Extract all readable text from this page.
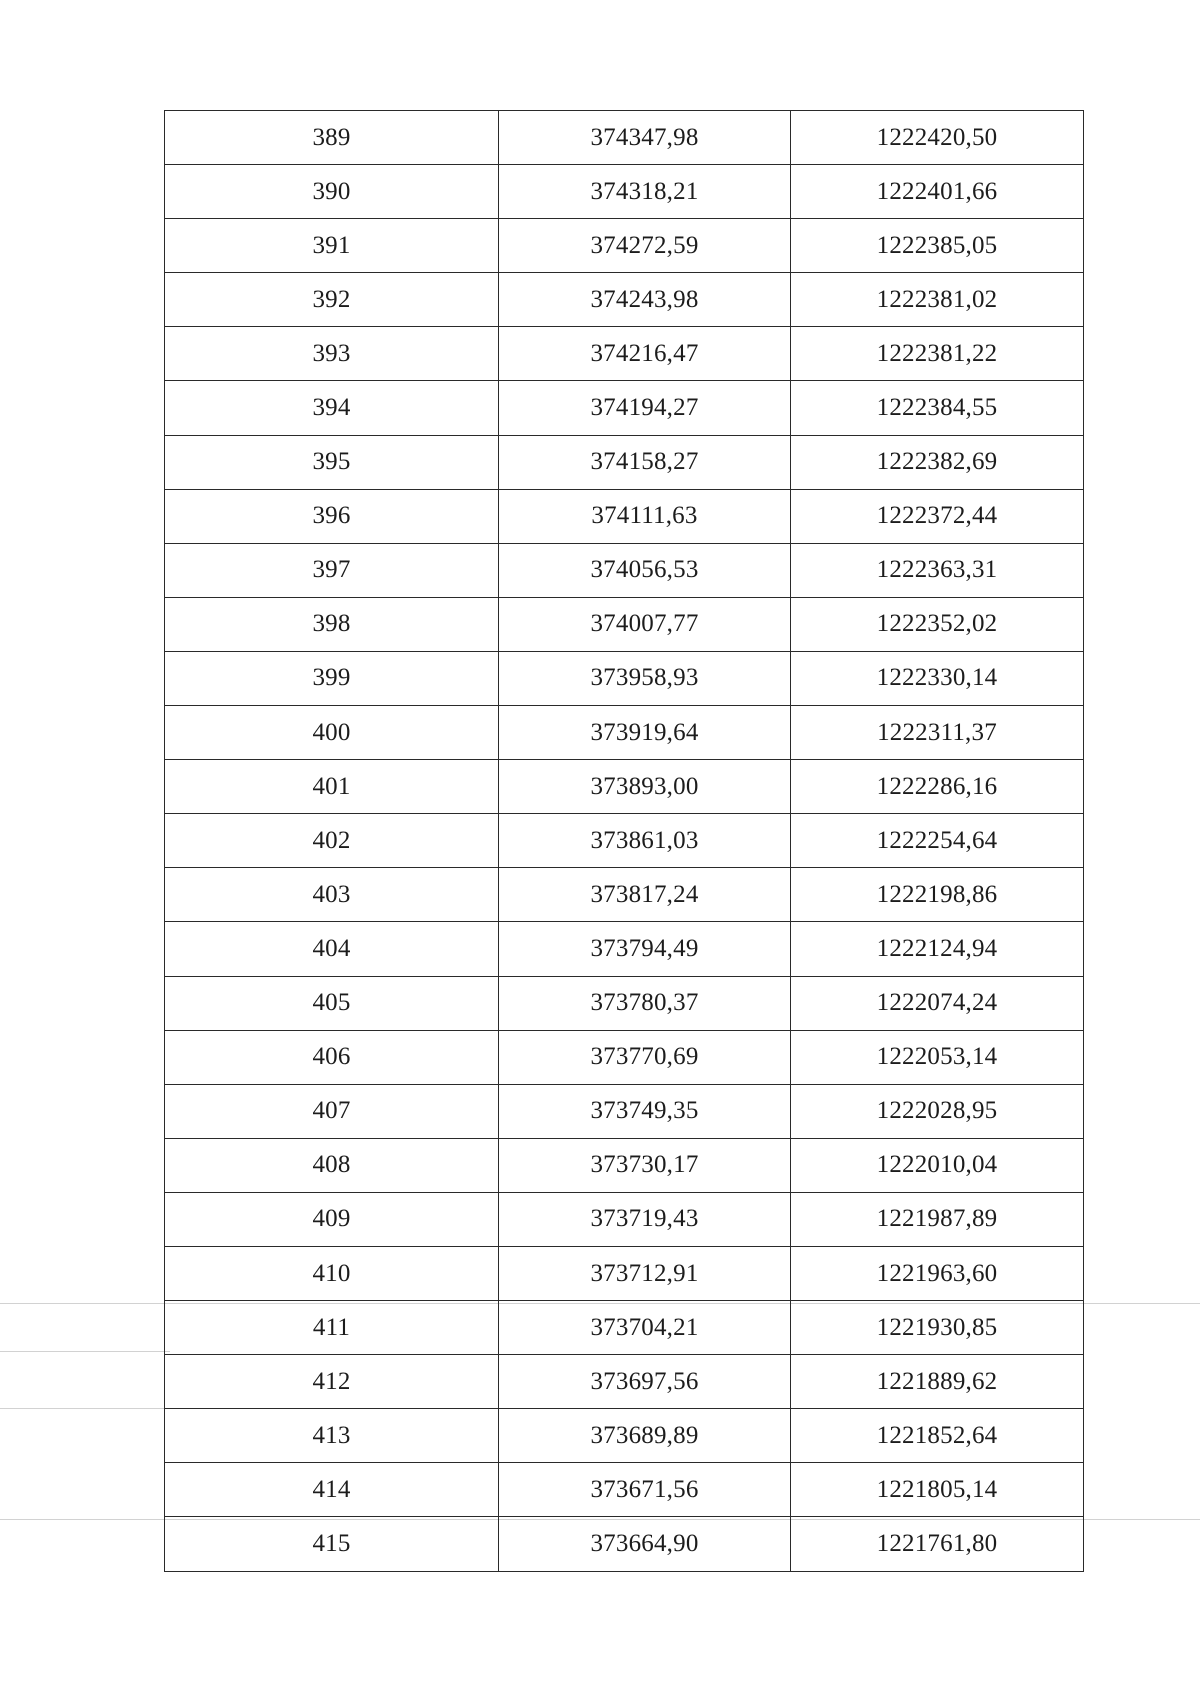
389	374347,98	1222420,50
390	374318,21	1222401,66
391	374272,59	1222385,05
392	374243,98	1222381,02
393	374216,47	1222381,22
394	374194,27	1222384,55
395	374158,27	1222382,69
396	374111,63	1222372,44
397	374056,53	1222363,31
398	374007,77	1222352,02
399	373958,93	1222330,14
400	373919,64	1222311,37
401	373893,00	1222286,16
402	373861,03	1222254,64
403	373817,24	1222198,86
404	373794,49	1222124,94
405	373780,37	1222074,24
406	373770,69	1222053,14
407	373749,35	1222028,95
408	373730,17	1222010,04
409	373719,43	1221987,89
410	373712,91	1221963,60
411	373704,21	1221930,85
412	373697,56	1221889,62
413	373689,89	1221852,64
414	373671,56	1221805,14
415	373664,90	1221761,80
